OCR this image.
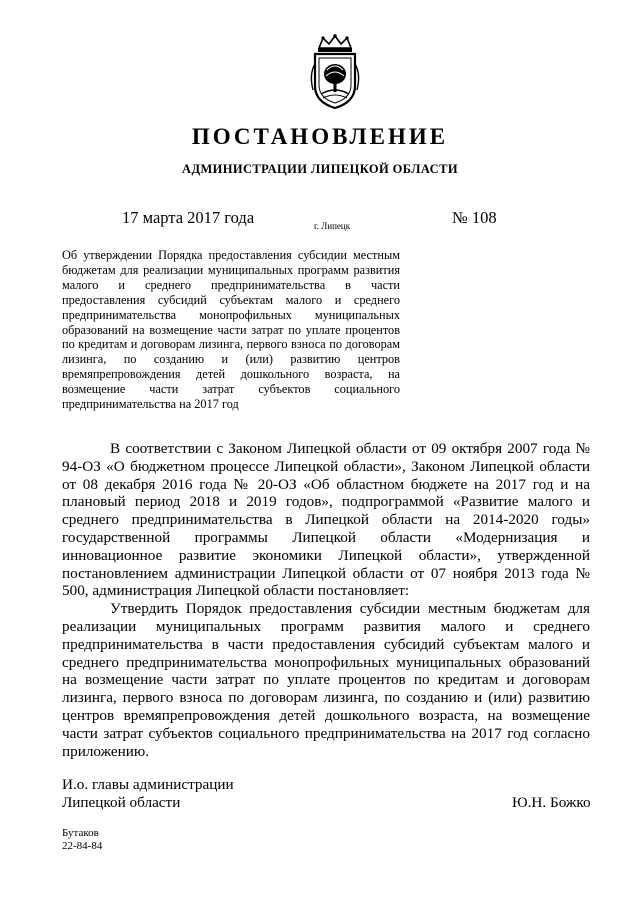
ПОСТАНОВЛЕНИЕ
АДМИНИСТРАЦИИ ЛИПЕЦКОЙ ОБЛАСТИ
17 марта 2017 года	г. Липецк	№ 108
Об утверждении Порядка предоставления субсидии местным бюджетам для реализации муниципальных программ развития малого и среднего предпринимательства в части предоставления субсидий субъектам малого и среднего предпринимательства монопрофильных муниципальных образований на возмещение части затрат по уплате процентов по кредитам и договорам лизинга, первого взноса по договорам лизинга, по созданию и (или) развитию центров времяпрепровождения детей дошкольного возраста, на возмещение части затрат субъектов социального предпринимательства на 2017 год

В соответствии с Законом Липецкой области от 09 октября 2007 года № 94-ОЗ «О бюджетном процессе Липецкой области», Законом Липецкой области от 08 декабря 2016 года № 20-ОЗ «Об областном бюджете на 2017 год и на плановый период 2018 и 2019 годов», подпрограммой «Развитие малого и среднего предпринимательства в Липецкой области на 2014-2020 годы» государственной программы Липецкой области «Модернизация и инновационное развитие экономики Липецкой области», утвержденной постановлением администрации Липецкой области от 07 ноября 2013 года № 500, администрация Липецкой области постановляет:

Утвердить Порядок предоставления субсидии местным бюджетам для реализации муниципальных программ развития малого и среднего предпринимательства в части предоставления субсидий субъектам малого и среднего предпринимательства монопрофильных муниципальных образований на возмещение части затрат по уплате процентов по кредитам и договорам лизинга, первого взноса по договорам лизинга, по созданию и (или) развитию центров времяпрепровождения детей дошкольного возраста, на возмещение части затрат субъектов социального предпринимательства на 2017 год согласно приложению.

И.о. главы администрации
Липецкой области	Ю.Н. Божко
Бутаков
22-84-84
